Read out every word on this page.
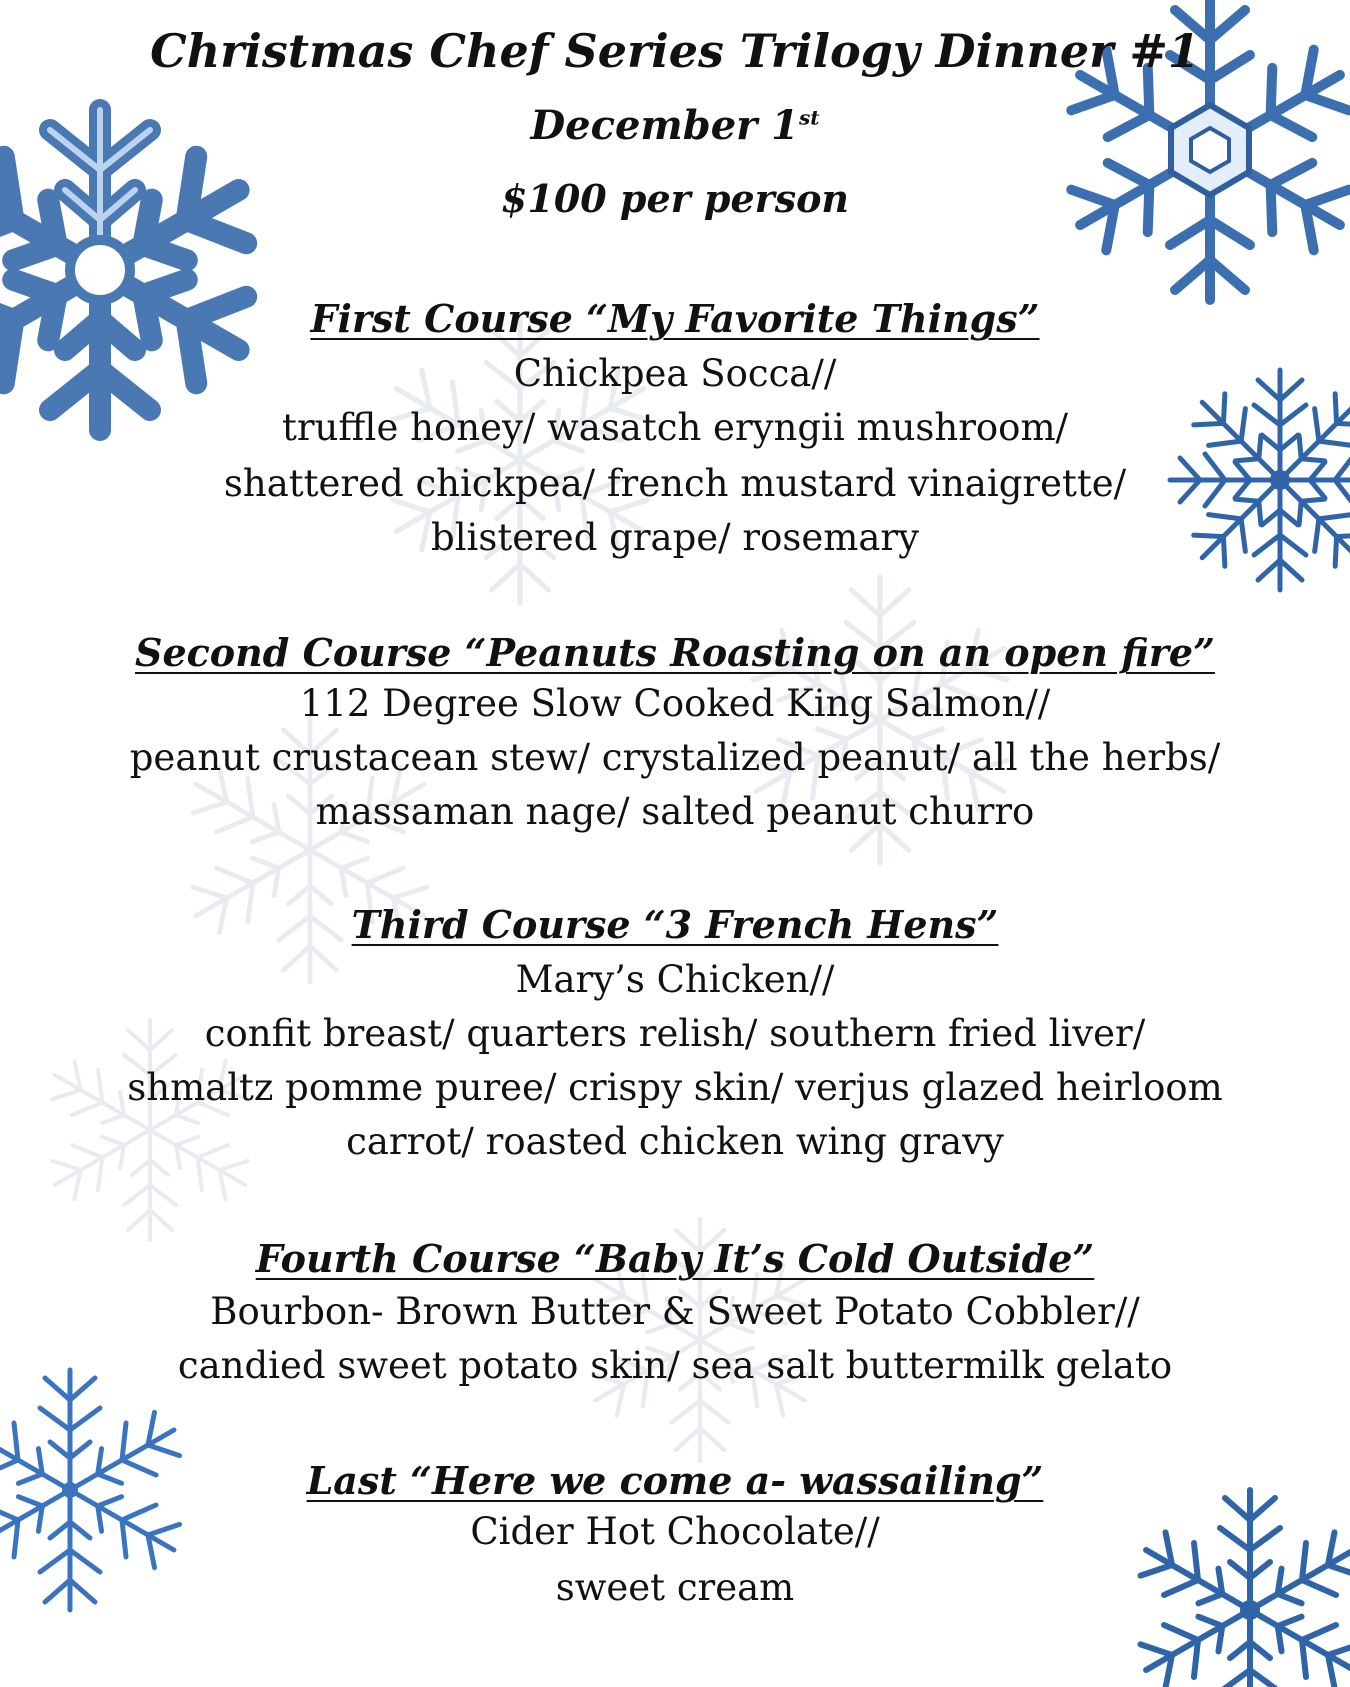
Christmas Chef Series Trilogy Dinner #1
December 1st
$100 per person
First Course “My Favorite Things”
Chickpea Socca//
truffle honey/ wasatch eryngii mushroom/
shattered chickpea/ french mustard vinaigrette/
blistered grape/ rosemary
Second Course “Peanuts Roasting on an open fire”
112 Degree Slow Cooked King Salmon//
peanut crustacean stew/ crystalized peanut/ all the herbs/
massaman nage/ salted peanut churro
Third Course “3 French Hens”
Mary’s Chicken//
confit breast/ quarters relish/ southern fried liver/
shmaltz pomme puree/ crispy skin/ verjus glazed heirloom
carrot/ roasted chicken wing gravy
Fourth Course “Baby It’s Cold Outside”
Bourbon- Brown Butter & Sweet Potato Cobbler//
candied sweet potato skin/ sea salt buttermilk gelato
Last “Here we come a- wassailing”
Cider Hot Chocolate//
sweet cream
